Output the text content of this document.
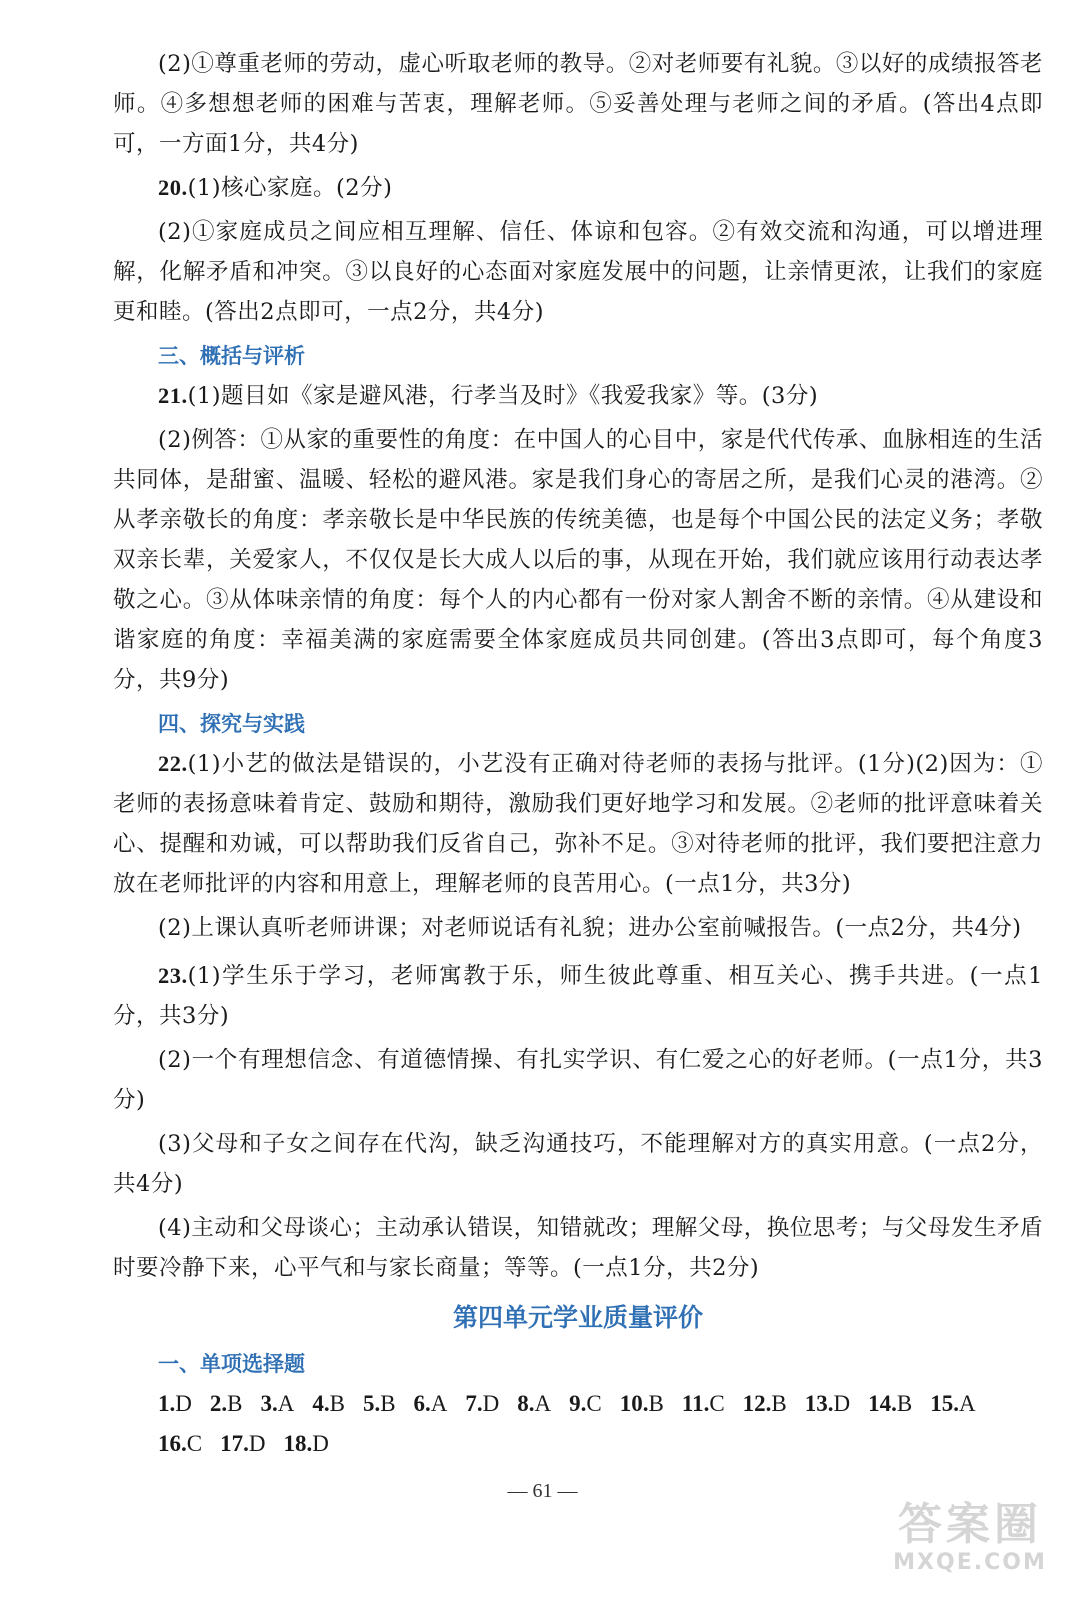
(2)①尊重老师的劳动，虚心听取老师的教导。②对老师要有礼貌。③以好的成绩报答老师。④多想想老师的困难与苦衷，理解老师。⑤妥善处理与老师之间的矛盾。(答出4点即可，一方面1分，共4分)

20.(1)核心家庭。(2分)

(2)①家庭成员之间应相互理解、信任、体谅和包容。②有效交流和沟通，可以增进理解，化解矛盾和冲突。③以良好的心态面对家庭发展中的问题，让亲情更浓，让我们的家庭更和睦。(答出2点即可，一点2分，共4分)

三、概括与评析

21.(1)题目如《家是避风港，行孝当及时》《我爱我家》等。(3分)

(2)例答：①从家的重要性的角度：在中国人的心目中，家是代代传承、血脉相连的生活共同体，是甜蜜、温暖、轻松的避风港。家是我们身心的寄居之所，是我们心灵的港湾。②从孝亲敬长的角度：孝亲敬长是中华民族的传统美德，也是每个中国公民的法定义务；孝敬双亲长辈，关爱家人，不仅仅是长大成人以后的事，从现在开始，我们就应该用行动表达孝敬之心。③从体味亲情的角度：每个人的内心都有一份对家人割舍不断的亲情。④从建设和谐家庭的角度：幸福美满的家庭需要全体家庭成员共同创建。(答出3点即可，每个角度3分，共9分)

四、探究与实践

22.(1)小艺的做法是错误的，小艺没有正确对待老师的表扬与批评。(1分)(2)因为：①老师的表扬意味着肯定、鼓励和期待，激励我们更好地学习和发展。②老师的批评意味着关心、提醒和劝诫，可以帮助我们反省自己，弥补不足。③对待老师的批评，我们要把注意力放在老师批评的内容和用意上，理解老师的良苦用心。(一点1分，共3分)

(2)上课认真听老师讲课；对老师说话有礼貌；进办公室前喊报告。(一点2分，共4分)

23.(1)学生乐于学习，老师寓教于乐，师生彼此尊重、相互关心、携手共进。(一点1分，共3分)

(2)一个有理想信念、有道德情操、有扎实学识、有仁爱之心的好老师。(一点1分，共3分)

(3)父母和子女之间存在代沟，缺乏沟通技巧，不能理解对方的真实用意。(一点2分，共4分)

(4)主动和父母谈心；主动承认错误，知错就改；理解父母，换位思考；与父母发生矛盾时要冷静下来，心平气和与家长商量；等等。(一点1分，共2分)

第四单元学业质量评价

一、单项选择题

1.D 2.B 3.A 4.B 5.B 6.A 7.D 8.A 9.C 10.B 11.C 12.B 13.D 14.B 15.A16.C 17.D 18.D

— 61 —
答案圈
MXQE.COM
